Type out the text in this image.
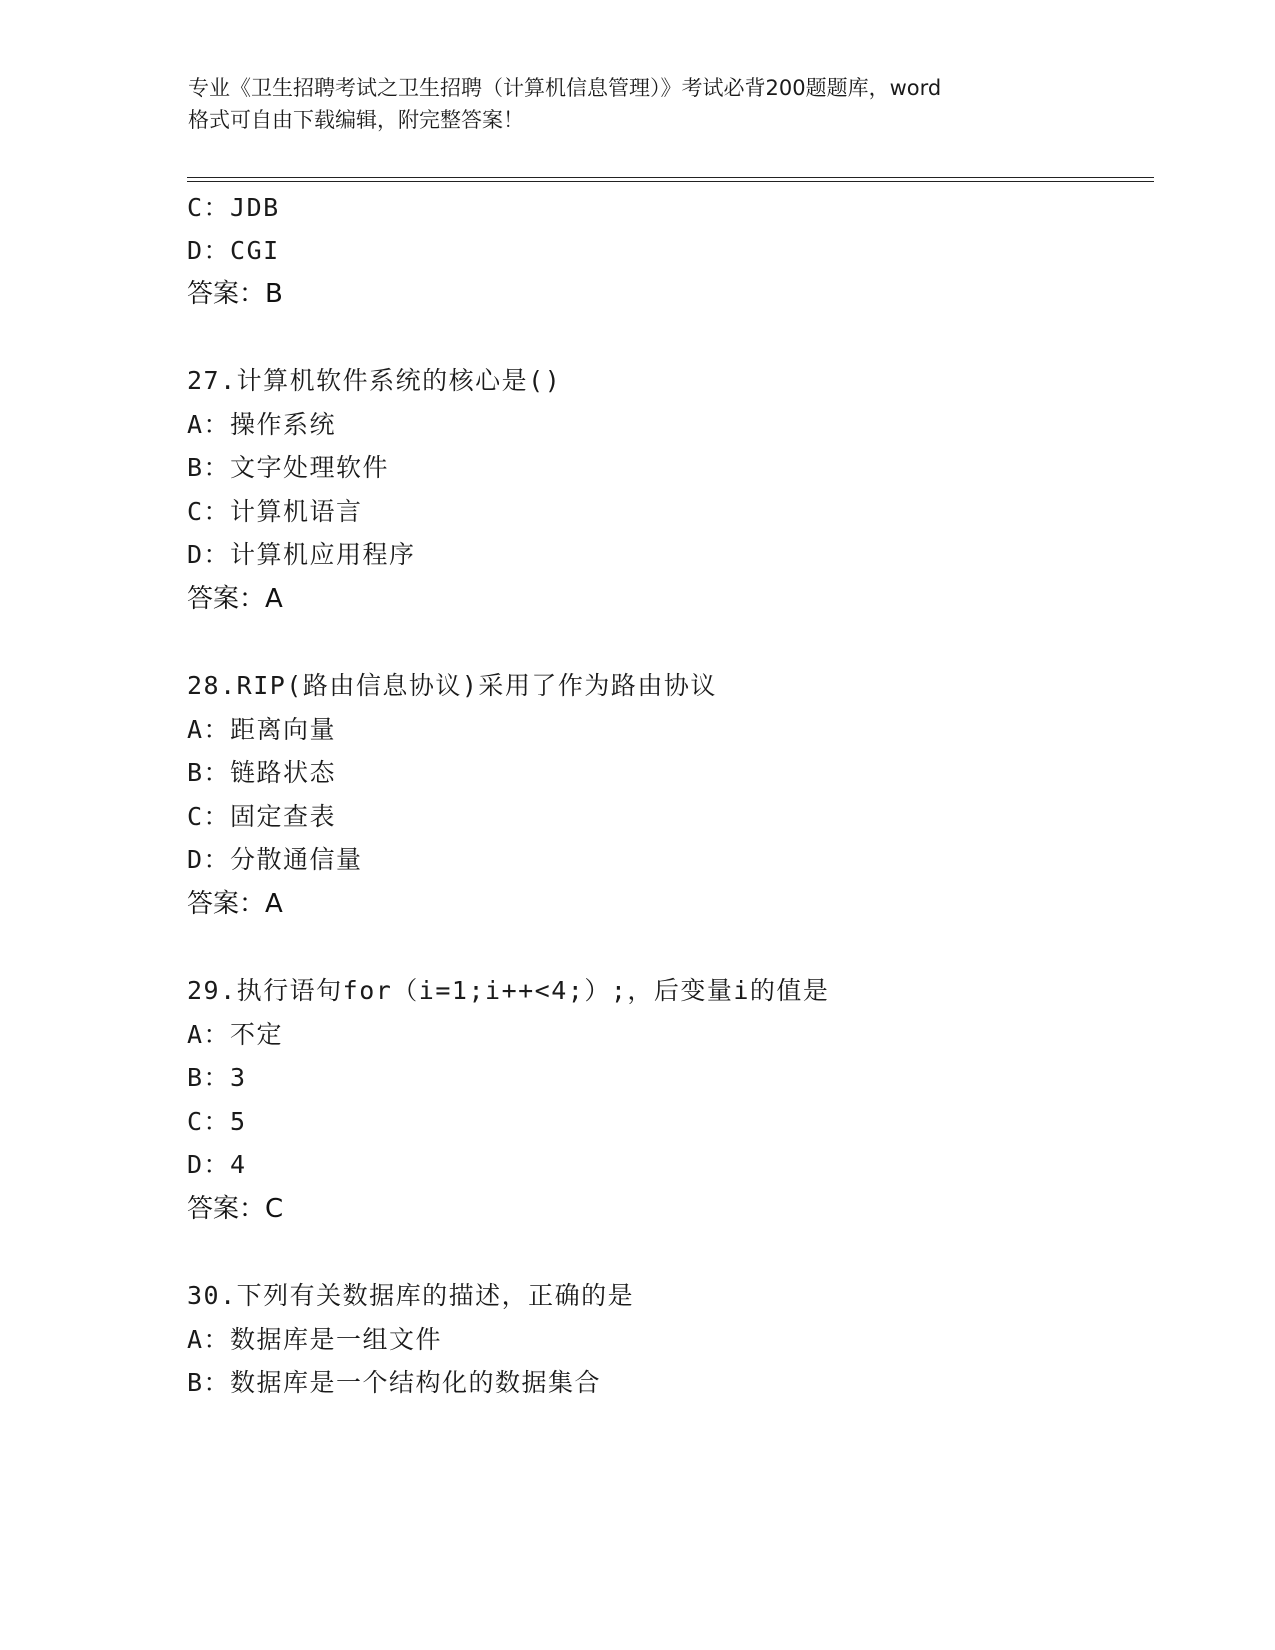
专业《卫生招聘考试之卫生招聘（计算机信息管理）》考试必背200题题库，word
格式可自由下载编辑，附完整答案！
C：JDB
D：CGI
答案：B
27.计算机软件系统的核心是()
A：操作系统
B：文字处理软件
C：计算机语言
D：计算机应用程序
答案：A
28.RIP(路由信息协议)采用了作为路由协议
A：距离向量
B：链路状态
C：固定查表
D：分散通信量
答案：A
29.执行语句for（i=1;i++<4;）;，后变量i的值是
A：不定
B：3
C：5
D：4
答案：C
30.下列有关数据库的描述，正确的是
A：数据库是一组文件
B：数据库是一个结构化的数据集合
